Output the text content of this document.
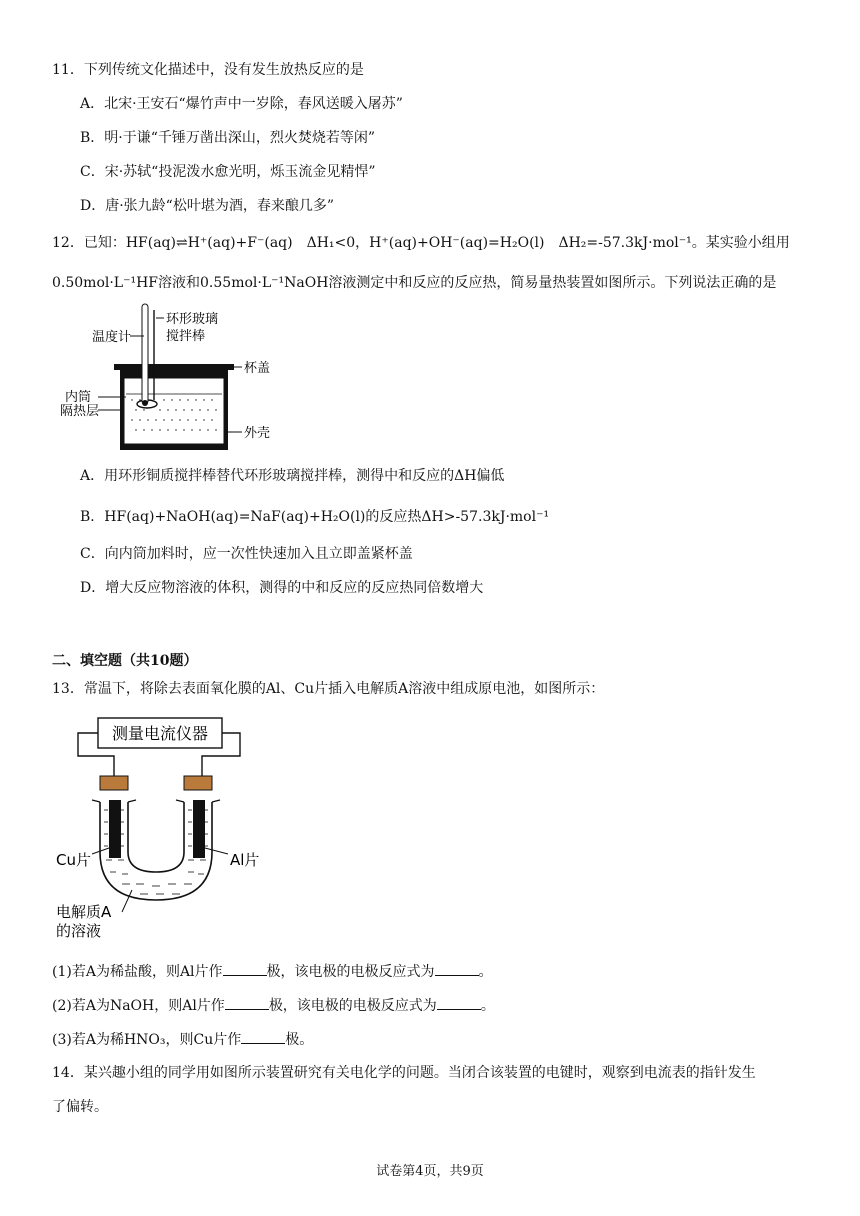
11．下列传统文化描述中，没有发生放热反应的是
A．北宋·王安石“爆竹声中一岁除，春风送暖入屠苏”
B．明·于谦“千锤万凿出深山，烈火焚烧若等闲”
C．宋·苏轼“投泥泼水愈光明，烁玉流金见精悍”
D．唐·张九龄“松叶堪为酒，春来酿几多”
12．已知：HF(aq)⇌H⁺(aq)+F⁻(aq)　ΔH₁<0，H⁺(aq)+OH⁻(aq)=H₂O(l)　ΔH₂=-57.3kJ·mol⁻¹。某实验小组用
0.50mol·L⁻¹HF溶液和0.55mol·L⁻¹NaOH溶液测定中和反应的反应热，简易量热装置如图所示。下列说法正确的是
温度计
环形玻璃
搅拌棒
杯盖
内筒
隔热层
外壳
A．用环形铜质搅拌棒替代环形玻璃搅拌棒，测得中和反应的ΔH偏低
B．HF(aq)+NaOH(aq)=NaF(aq)+H₂O(l)的反应热ΔH>-57.3kJ·mol⁻¹
C．向内筒加料时，应一次性快速加入且立即盖紧杯盖
D．增大反应物溶液的体积，测得的中和反应的反应热同倍数增大
二、填空题（共10题）
13．常温下，将除去表面氧化膜的Al、Cu片插入电解质A溶液中组成原电池，如图所示：
测量电流仪器
Cu片	Al片
电解质A
的溶液
(1)若A为稀盐酸，则Al片作	极，该电极的电极反应式为	。
(2)若A为NaOH，则Al片作	极，该电极的电极反应式为	。
(3)若A为稀HNO₃，则Cu片作	极。
14．某兴趣小组的同学用如图所示装置研究有关电化学的问题。当闭合该装置的电键时，观察到电流表的指针发生
了偏转。
试卷第4页，共9页
